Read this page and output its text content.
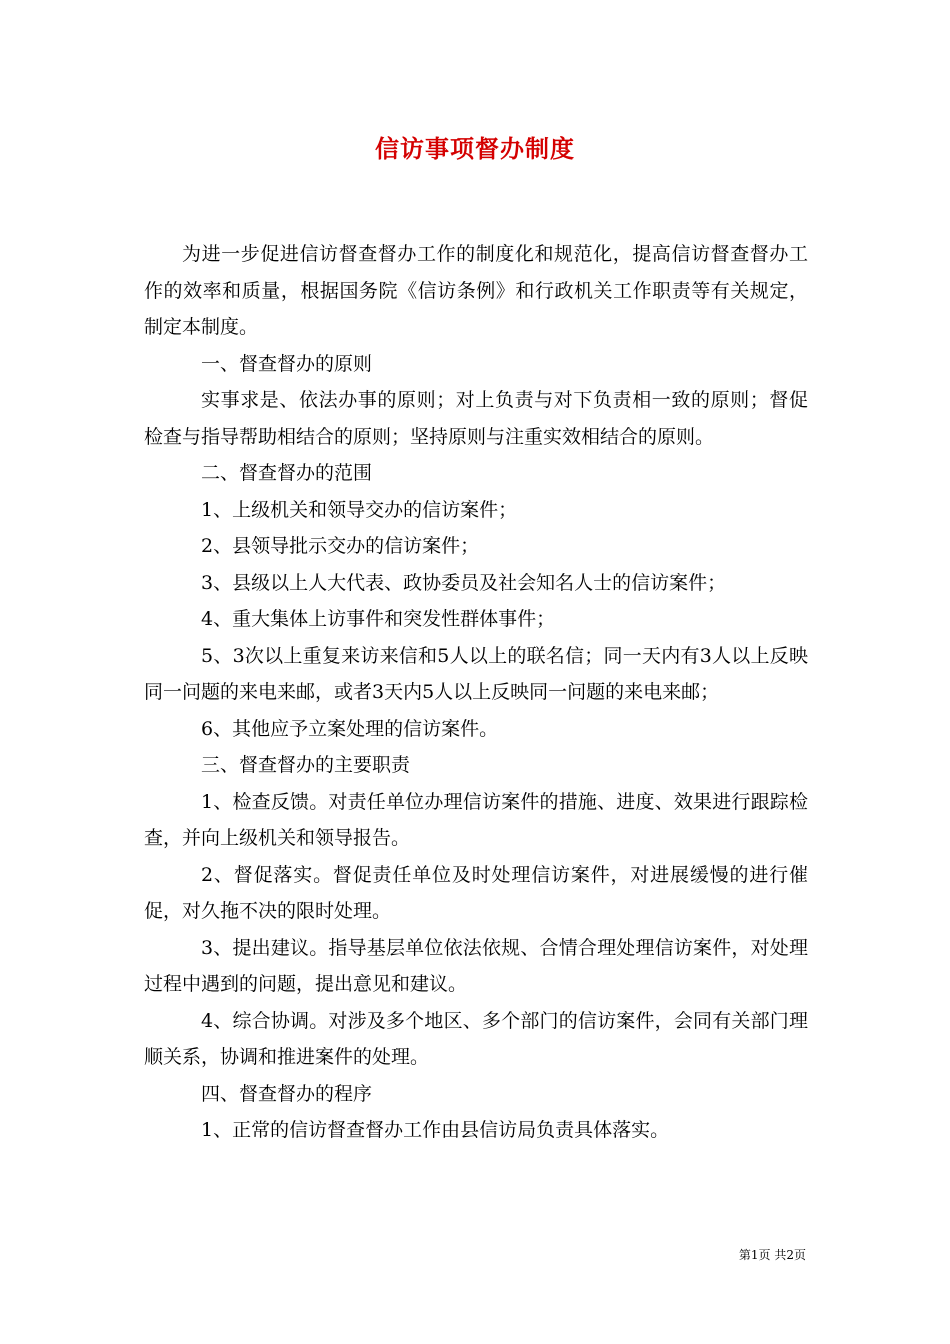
信访事项督办制度

为进一步促进信访督查督办工作的制度化和规范化，提高信访督查督办工作的效率和质量，根据国务院《信访条例》和行政机关工作职责等有关规定，制定本制度。

一、督查督办的原则

实事求是、依法办事的原则；对上负责与对下负责相一致的原则；督促检查与指导帮助相结合的原则；坚持原则与注重实效相结合的原则。

二、督查督办的范围

1、上级机关和领导交办的信访案件；

2、县领导批示交办的信访案件；

3、县级以上人大代表、政协委员及社会知名人士的信访案件；

4、重大集体上访事件和突发性群体事件；

5、3次以上重复来访来信和5人以上的联名信；同一天内有3人以上反映同一问题的来电来邮，或者3天内5人以上反映同一问题的来电来邮；

6、其他应予立案处理的信访案件。

三、督查督办的主要职责

1、检查反馈。对责任单位办理信访案件的措施、进度、效果进行跟踪检查，并向上级机关和领导报告。

2、督促落实。督促责任单位及时处理信访案件，对进展缓慢的进行催促，对久拖不决的限时处理。

3、提出建议。指导基层单位依法依规、合情合理处理信访案件，对处理过程中遇到的问题，提出意见和建议。

4、综合协调。对涉及多个地区、多个部门的信访案件，会同有关部门理顺关系，协调和推进案件的处理。

四、督查督办的程序

1、正常的信访督查督办工作由县信访局负责具体落实。

第1页 共2页
